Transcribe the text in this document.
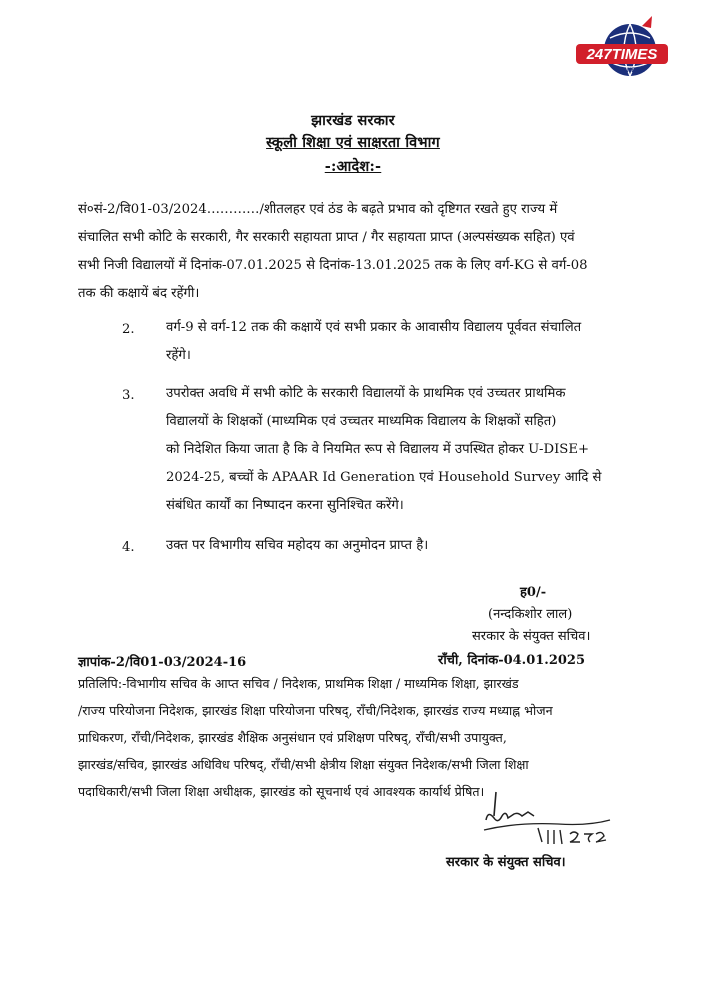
247TIMES
NEWS
झारखंड सरकार
स्कूली शिक्षा एवं साक्षरता विभाग
-:आदेश:-
सं०सं-2/वि01-03/2024…………/शीतलहर एवं ठंड के बढ़ते प्रभाव को दृष्टिगत रखते हुए राज्य में
संचालित सभी कोटि के सरकारी, गैर सरकारी सहायता प्राप्त / गैर सहायता प्राप्त (अल्पसंख्यक सहित) एवं
सभी निजी विद्यालयों में दिनांक-07.01.2025 से दिनांक-13.01.2025 तक के लिए वर्ग-KG से वर्ग-08
तक की कक्षायें बंद रहेंगी।
2. वर्ग-9 से वर्ग-12 तक की कक्षायें एवं सभी प्रकार के आवासीय विद्यालय पूर्ववत संचालित
रहेंगे।
3. उपरोक्त अवधि में सभी कोटि के सरकारी विद्यालयों के प्राथमिक एवं उच्चतर प्राथमिक
विद्यालयों के शिक्षकों (माध्यमिक एवं उच्चतर माध्यमिक विद्यालय के शिक्षकों सहित)
को निदेशित किया जाता है कि वे नियमित रूप से विद्यालय में उपस्थित होकर U-DISE+
2024-25, बच्चों के APAAR Id Generation एवं Household Survey आदि से
संबंधित कार्यों का निष्पादन करना सुनिश्चित करेंगे।
4. उक्त पर विभागीय सचिव महोदय का अनुमोदन प्राप्त है।
ह0/-
(नन्दकिशोर लाल)
सरकार के संयुक्त सचिव।
ज्ञापांक-2/वि01-03/2024-16	राँची, दिनांक-04.01.2025
प्रतिलिपि:-विभागीय सचिव के आप्त सचिव / निदेशक, प्राथमिक शिक्षा / माध्यमिक शिक्षा, झारखंड
/राज्य परियोजना निदेशक, झारखंड शिक्षा परियोजना परिषद्, राँची/निदेशक, झारखंड राज्य मध्याह्न भोजन
प्राधिकरण, राँची/निदेशक, झारखंड शैक्षिक अनुसंधान एवं प्रशिक्षण परिषद्, राँची/सभी उपायुक्त,
झारखंड/सचिव, झारखंड अधिविध परिषद्, राँची/सभी क्षेत्रीय शिक्षा संयुक्त निदेशक/सभी जिला शिक्षा
पदाधिकारी/सभी जिला शिक्षा अधीक्षक, झारखंड को सूचनार्थ एवं आवश्यक कार्यार्थ प्रेषित।
सरकार के संयुक्त सचिव।
